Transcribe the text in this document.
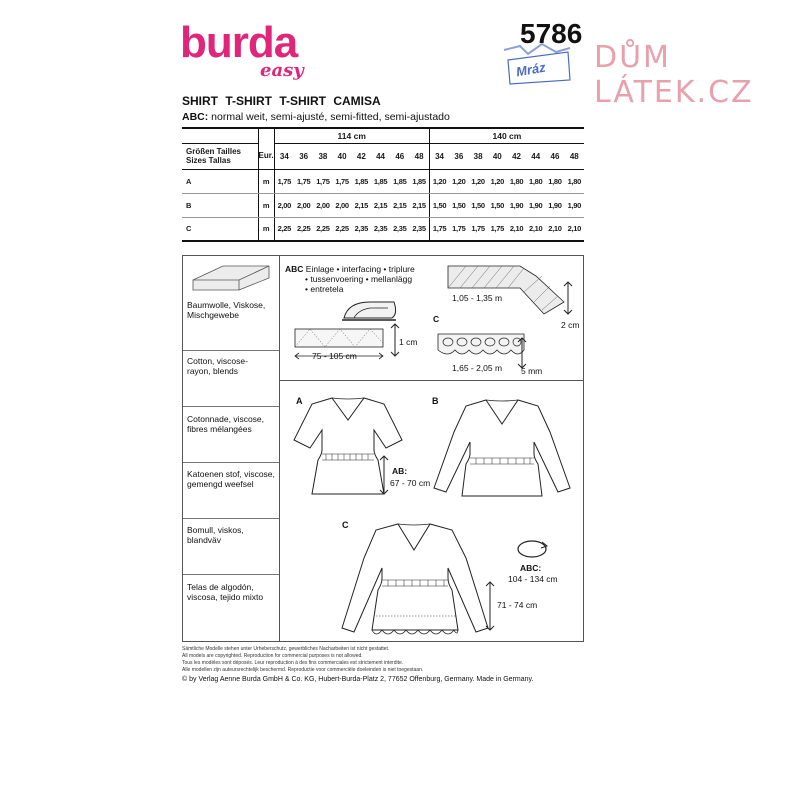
burda
easy
5786
Mráz DŮM LÁTEK.CZ
SHIRT T-SHIRT T-SHIRT CAMISA
ABC: normal weit, semi-ajusté, semi-fitted, semi-ajustado
		114 cm								140 cm							

Größen Tailles
Sizes Tallas	Eur.	34	36	38	40	42	44	46	48	34	36	38	40	42	44	46	48
A	m	1,75	1,75	1,75	1,75	1,85	1,85	1,85	1,85	1,20	1,20	1,20	1,20	1,80	1,80	1,80	1,80
B	m	2,00	2,00	2,00	2,00	2,15	2,15	2,15	2,15	1,50	1,50	1,50	1,50	1,90	1,90	1,90	1,90
C	m	2,25	2,25	2,25	2,25	2,35	2,35	2,35	2,35	1,75	1,75	1,75	1,75	2,10	2,10	2,10	2,10
Baumwolle, Viskose, Mischgewebe
Cotton, viscose-rayon, blends
Cotonnade, viscose, fibres mélangées
Katoenen stof, viscose, gemengd weefsel
Bomull, viskos, blandväv
Telas de algodón, viscosa, tejido mixto
ABC Einlage • interfacing • triplure
• tussenvoering • mellanlägg
• entretela
1 cm
75 - 105 cm
2 cm
1,05 - 1,35 m
C
1,65 - 2,05 m 5 mm
A
AB:
67 - 70 cm
B
C
71 - 74 cm
ABC:
104 - 134 cm
Sämtliche Modelle stehen unter Urheberschutz, gewerbliches Nacharbeiten ist nicht gestattet.
All models are copyrighted. Reproduction for commercial purposes is not allowed.
Tous les modèles sont déposés. Leur reproduction à des fins commerciales est strictement interdite.
Alle modellen zijn auteursrechtelijk beschermd. Reproductie voor commerciële doeleinden is niet toegestaan.
© by Verlag Aenne Burda GmbH & Co. KG, Hubert-Burda-Platz 2, 77652 Offenburg, Germany. Made in Germany.
